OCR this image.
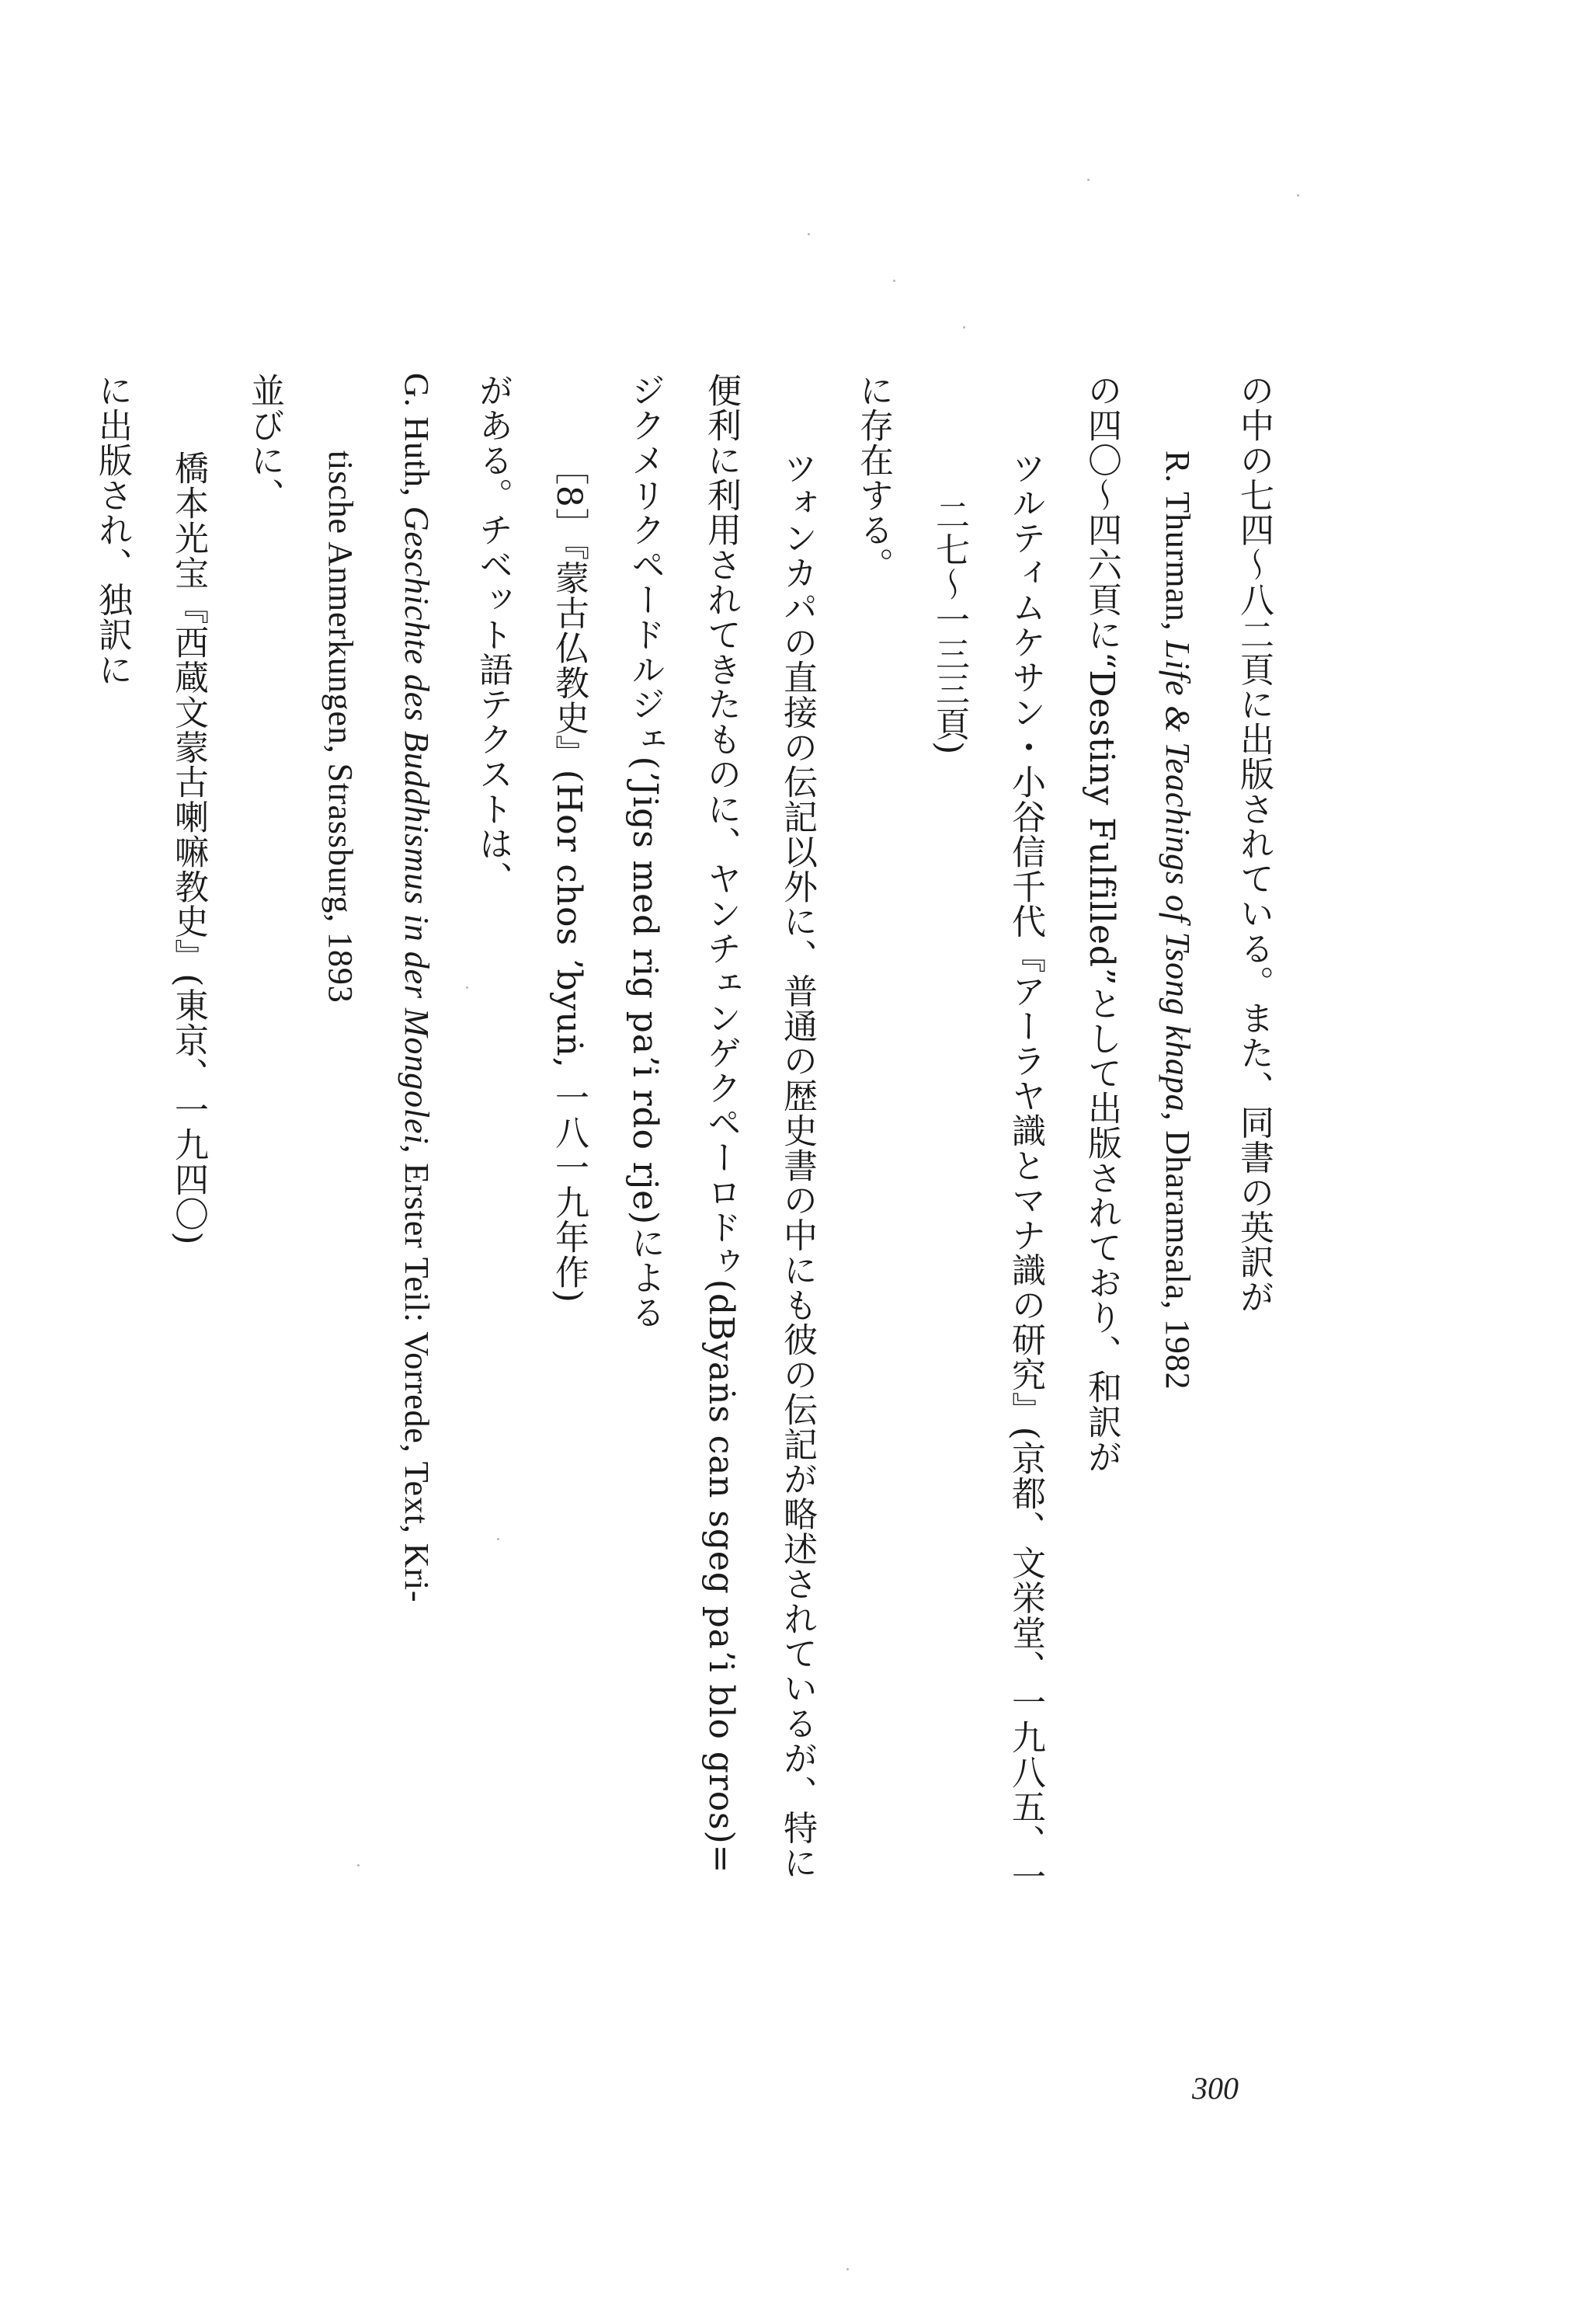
の中の七四〜八二頁に出版されている。また、同書の英訳が
R. Thurman, Life & Teachings of Tsong khapa, Dharamsala, 1982
の四〇〜四六頁に“Destiny Fulfilled”として出版されており、和訳が
ツルティムケサン・小谷信千代『アーラヤ識とマナ識の研究』(京都、文栄堂、一九八五、一
二七〜一三三頁)
に存在する。
ツォンカパの直接の伝記以外に、普通の歴史書の中にも彼の伝記が略述されているが、特に
便利に利用されてきたものに、ヤンチェンゲクペーロドゥ(dByaṅs can sgeg paʼi blo gros)=
ジクメリクペードルジェ(ʼJigs med rig paʼi rdo rje)による
［8］『蒙古仏教史』(Hor chos ʼbyuṅ, 一八一九年作)
がある。チベット語テクストは、
G. Huth, Geschichte des Buddhismus in der Mongolei, Erster Teil: Vorrede, Text, Kri-
tische Anmerkungen, Strassburg, 1893
並びに、
橋本光宝『西蔵文蒙古喇嘛教史』(東京、一九四〇)
に出版され、独訳に
300
